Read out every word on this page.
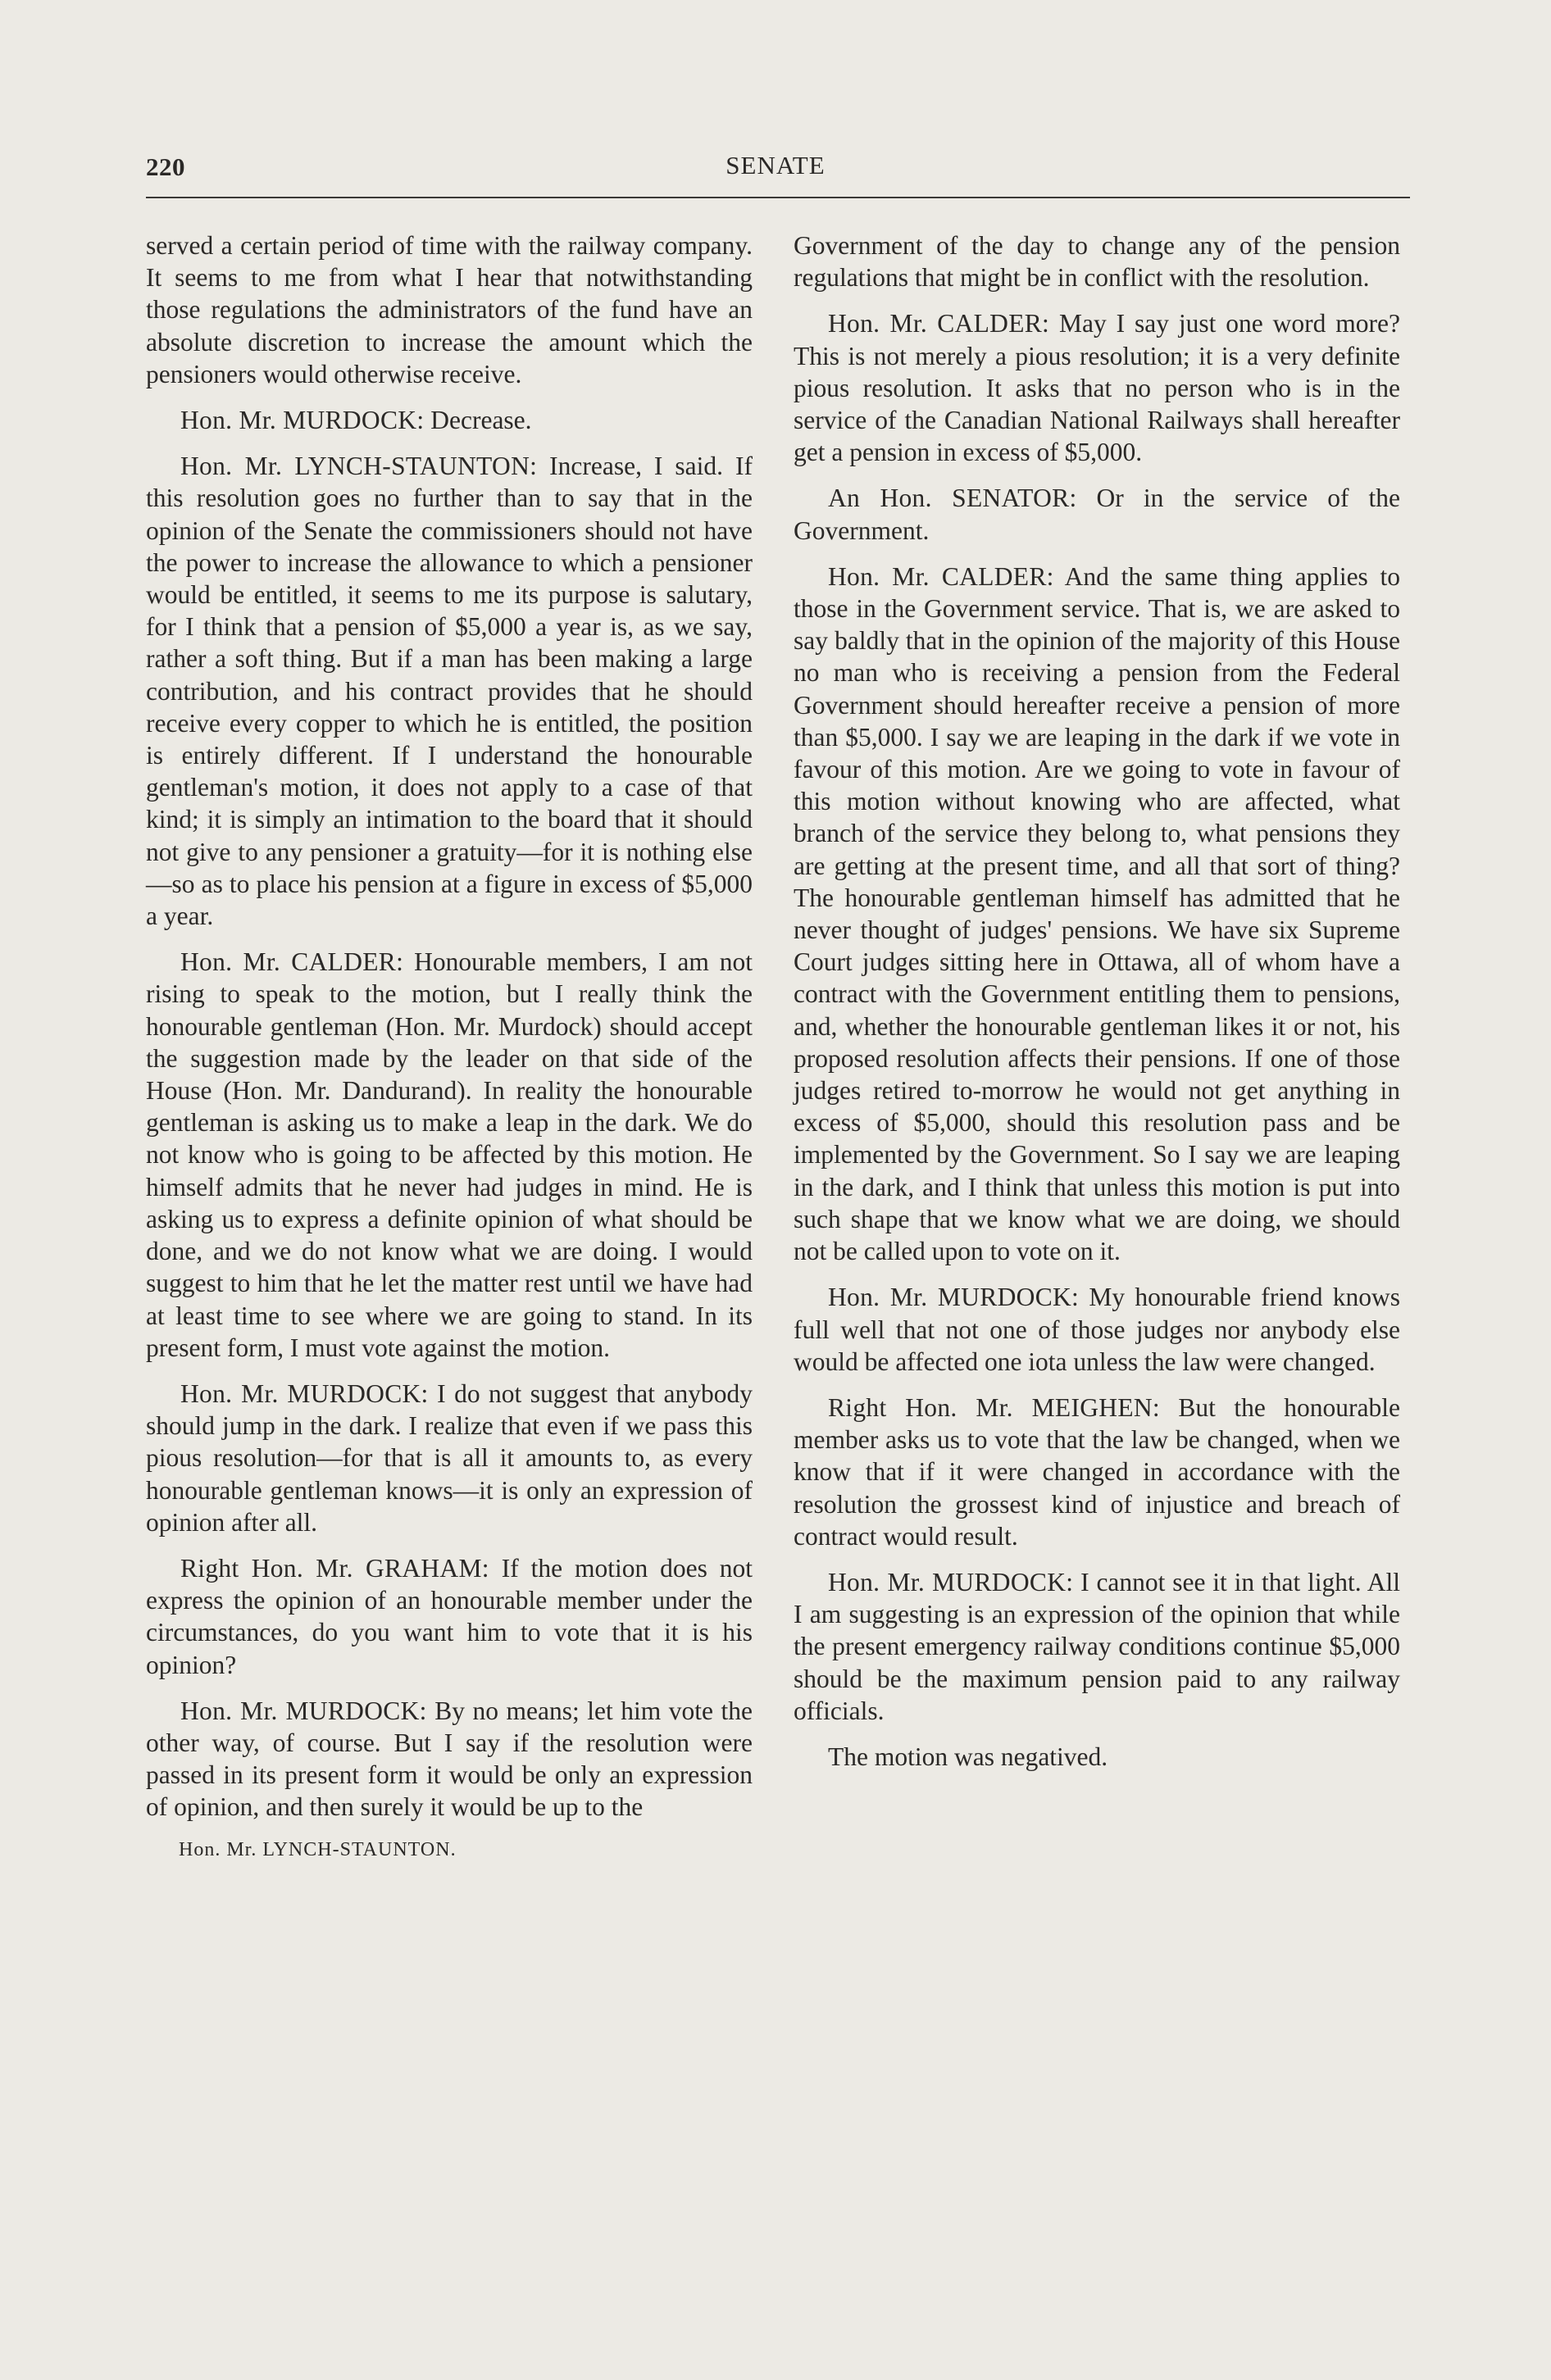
220	SENATE

served a certain period of time with the railway company. It seems to me from what I hear that notwithstanding those regulations the administrators of the fund have an absolute discretion to increase the amount which the pensioners would otherwise receive.

Hon. Mr. MURDOCK: Decrease.

Hon. Mr. LYNCH-STAUNTON: Increase, I said. If this resolution goes no further than to say that in the opinion of the Senate the commissioners should not have the power to increase the allowance to which a pensioner would be entitled, it seems to me its purpose is salutary, for I think that a pension of $5,000 a year is, as we say, rather a soft thing. But if a man has been making a large contribution, and his contract provides that he should receive every copper to which he is entitled, the position is entirely different. If I understand the honourable gentleman's motion, it does not apply to a case of that kind; it is simply an intimation to the board that it should not give to any pensioner a gratuity—for it is nothing else—so as to place his pension at a figure in excess of $5,000 a year.

Hon. Mr. CALDER: Honourable members, I am not rising to speak to the motion, but I really think the honourable gentleman (Hon. Mr. Murdock) should accept the suggestion made by the leader on that side of the House (Hon. Mr. Dandurand). In reality the honourable gentleman is asking us to make a leap in the dark. We do not know who is going to be affected by this motion. He himself admits that he never had judges in mind. He is asking us to express a definite opinion of what should be done, and we do not know what we are doing. I would suggest to him that he let the matter rest until we have had at least time to see where we are going to stand. In its present form, I must vote against the motion.

Hon. Mr. MURDOCK: I do not suggest that anybody should jump in the dark. I realize that even if we pass this pious resolution—for that is all it amounts to, as every honourable gentleman knows—it is only an expression of opinion after all.

Right Hon. Mr. GRAHAM: If the motion does not express the opinion of an honourable member under the circumstances, do you want him to vote that it is his opinion?

Hon. Mr. MURDOCK: By no means; let him vote the other way, of course. But I say if the resolution were passed in its present form it would be only an expression of opinion, and then surely it would be up to the

Hon. Mr. LYNCH-STAUNTON.

Government of the day to change any of the pension regulations that might be in conflict with the resolution.

Hon. Mr. CALDER: May I say just one word more? This is not merely a pious resolution; it is a very definite pious resolution. It asks that no person who is in the service of the Canadian National Railways shall hereafter get a pension in excess of $5,000.

An Hon. SENATOR: Or in the service of the Government.

Hon. Mr. CALDER: And the same thing applies to those in the Government service. That is, we are asked to say baldly that in the opinion of the majority of this House no man who is receiving a pension from the Federal Government should hereafter receive a pension of more than $5,000. I say we are leaping in the dark if we vote in favour of this motion. Are we going to vote in favour of this motion without knowing who are affected, what branch of the service they belong to, what pensions they are getting at the present time, and all that sort of thing? The honourable gentleman himself has admitted that he never thought of judges' pensions. We have six Supreme Court judges sitting here in Ottawa, all of whom have a contract with the Government entitling them to pensions, and, whether the honourable gentleman likes it or not, his proposed resolution affects their pensions. If one of those judges retired to-morrow he would not get anything in excess of $5,000, should this resolution pass and be implemented by the Government. So I say we are leaping in the dark, and I think that unless this motion is put into such shape that we know what we are doing, we should not be called upon to vote on it.

Hon. Mr. MURDOCK: My honourable friend knows full well that not one of those judges nor anybody else would be affected one iota unless the law were changed.

Right Hon. Mr. MEIGHEN: But the honourable member asks us to vote that the law be changed, when we know that if it were changed in accordance with the resolution the grossest kind of injustice and breach of contract would result.

Hon. Mr. MURDOCK: I cannot see it in that light. All I am suggesting is an expression of the opinion that while the present emergency railway conditions continue $5,000 should be the maximum pension paid to any railway officials.

The motion was negatived.
